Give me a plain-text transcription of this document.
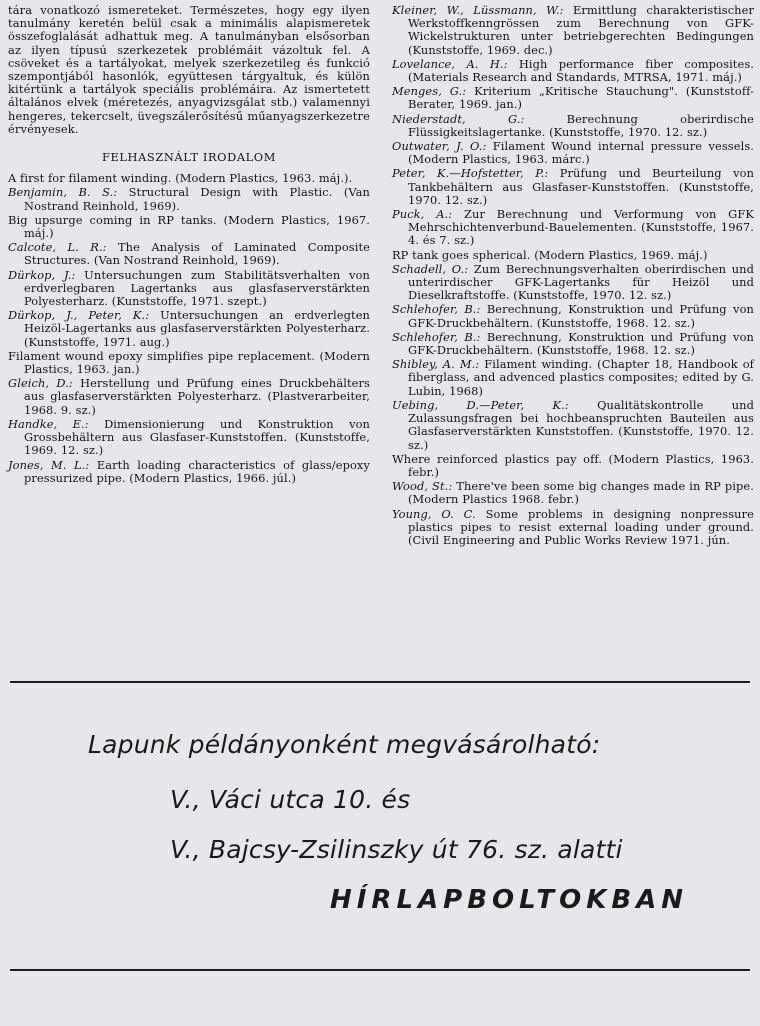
tára vonatkozó ismereteket. Természetes, hogy egy ilyen tanulmány keretén belül csak a minimális alapismeretek összefoglalását adhattuk meg. A tanulmányban elsősorban az ilyen típusú szerkezetek problémáit vázoltuk fel. A csöveket és a tartályokat, melyek szerkezetileg és funkció szempontjából hasonlók, együttesen tárgyaltuk, és külön kitértünk a tartályok speciális problémáira. Az ismertetett általános elvek (méretezés, anyagvizsgálat stb.) valamennyi hengeres, tekercselt, üvegszálerősítésű műanyagszerkezetre érvényesek.

FELHASZNÁLT IRODALOM

A first for filament winding. (Modern Plastics, 1963. máj.).

Benjamin, B. S.: Structural Design with Plastic. (Van Nostrand Reinhold, 1969).

Big upsurge coming in RP tanks. (Modern Plastics, 1967. máj.)

Calcote, L. R.: The Analysis of Laminated Composite Structures. (Van Nostrand Reinhold, 1969).

Dürkop, J.: Untersuchungen zum Stabilitätsverhalten von erdverlegbaren Lagertanks aus glasfaserverstärkten Polyesterharz. (Kunststoffe, 1971. szept.)

Dürkop, J., Peter, K.: Untersuchungen an erdverlegten Heizöl-Lagertanks aus glasfaserverstärkten Polyesterharz. (Kunststoffe, 1971. aug.)

Filament wound epoxy simplifies pipe replacement. (Modern Plastics, 1963. jan.)

Gleich, D.: Herstellung und Prüfung eines Druckbehälters aus glasfaserverstärkten Polyesterharz. (Plastverarbeiter, 1968. 9. sz.)

Handke, E.: Dimensionierung und Konstruktion von Grossbehältern aus Glasfaser-Kunststoffen. (Kunststoffe, 1969. 12. sz.)

Jones, M. L.: Earth loading characteristics of glass/epoxy pressurized pipe. (Modern Plastics, 1966. júl.)

Kleiner, W., Lüssmann, W.: Ermittlung charakteristischer Werkstoffkenngrössen zum Berechnung von GFK-Wickelstrukturen unter betriebgerechten Bedingungen (Kunststoffe, 1969. dec.)

Lovelance, A. H.: High performance fiber composites. (Materials Research and Standards, MTRSA, 1971. máj.)

Menges, G.: Kriterium „Kritische Stauchung". (Kunststoff-Berater, 1969. jan.)

Niederstadt, G.: Berechnung oberirdische Flüssigkeitslagertanke. (Kunststoffe, 1970. 12. sz.)

Outwater, J. O.: Filament Wound internal pressure vessels. (Modern Plastics, 1963. márc.)

Peter, K.—Hofstetter, P.: Prüfung und Beurteilung von Tankbehältern aus Glasfaser-Kunststoffen. (Kunststoffe, 1970. 12. sz.)

Puck, A.: Zur Berechnung und Verformung von GFK Mehrschichtenverbund-Bauelementen. (Kunststoffe, 1967. 4. és 7. sz.)

RP tank goes spherical. (Modern Plastics, 1969. máj.)

Schadell, O.: Zum Berechnungsverhalten oberirdischen und unterirdischer GFK-Lagertanks für Heizöl und Dieselkraftstoffe. (Kunststoffe, 1970. 12. sz.)

Schlehofer, B.: Berechnung, Konstruktion und Prüfung von GFK-Druckbehältern. (Kunststoffe, 1968. 12. sz.)

Schlehofer, B.: Berechnung, Konstruktion und Prüfung von GFK-Druckbehältern. (Kunststoffe, 1968. 12. sz.)

Shibley, A. M.: Filament winding. (Chapter 18, Handbook of fiberglass, and advenced plastics composites; edited by G. Lubin, 1968)

Uebing, D.—Peter, K.: Qualitätskontrolle und Zulassungsfragen bei hochbeanspruchten Bauteilen aus Glasfaserverstärkten Kunststoffen. (Kunststoffe, 1970. 12. sz.)

Where reinforced plastics pay off. (Modern Plastics, 1963. febr.)

Wood, St.: There've been some big changes made in RP pipe. (Modern Plastics 1968. febr.)

Young, O. C. Some problems in designing nonpressure plastics pipes to resist external loading under ground. (Civil Engineering and Public Works Review 1971. jún.

Lapunk példányonként megvásárolható:
V., Váci utca 10. és
V., Bajcsy-Zsilinszky út 76. sz. alatti
HÍRLAPBOLTOKBAN
